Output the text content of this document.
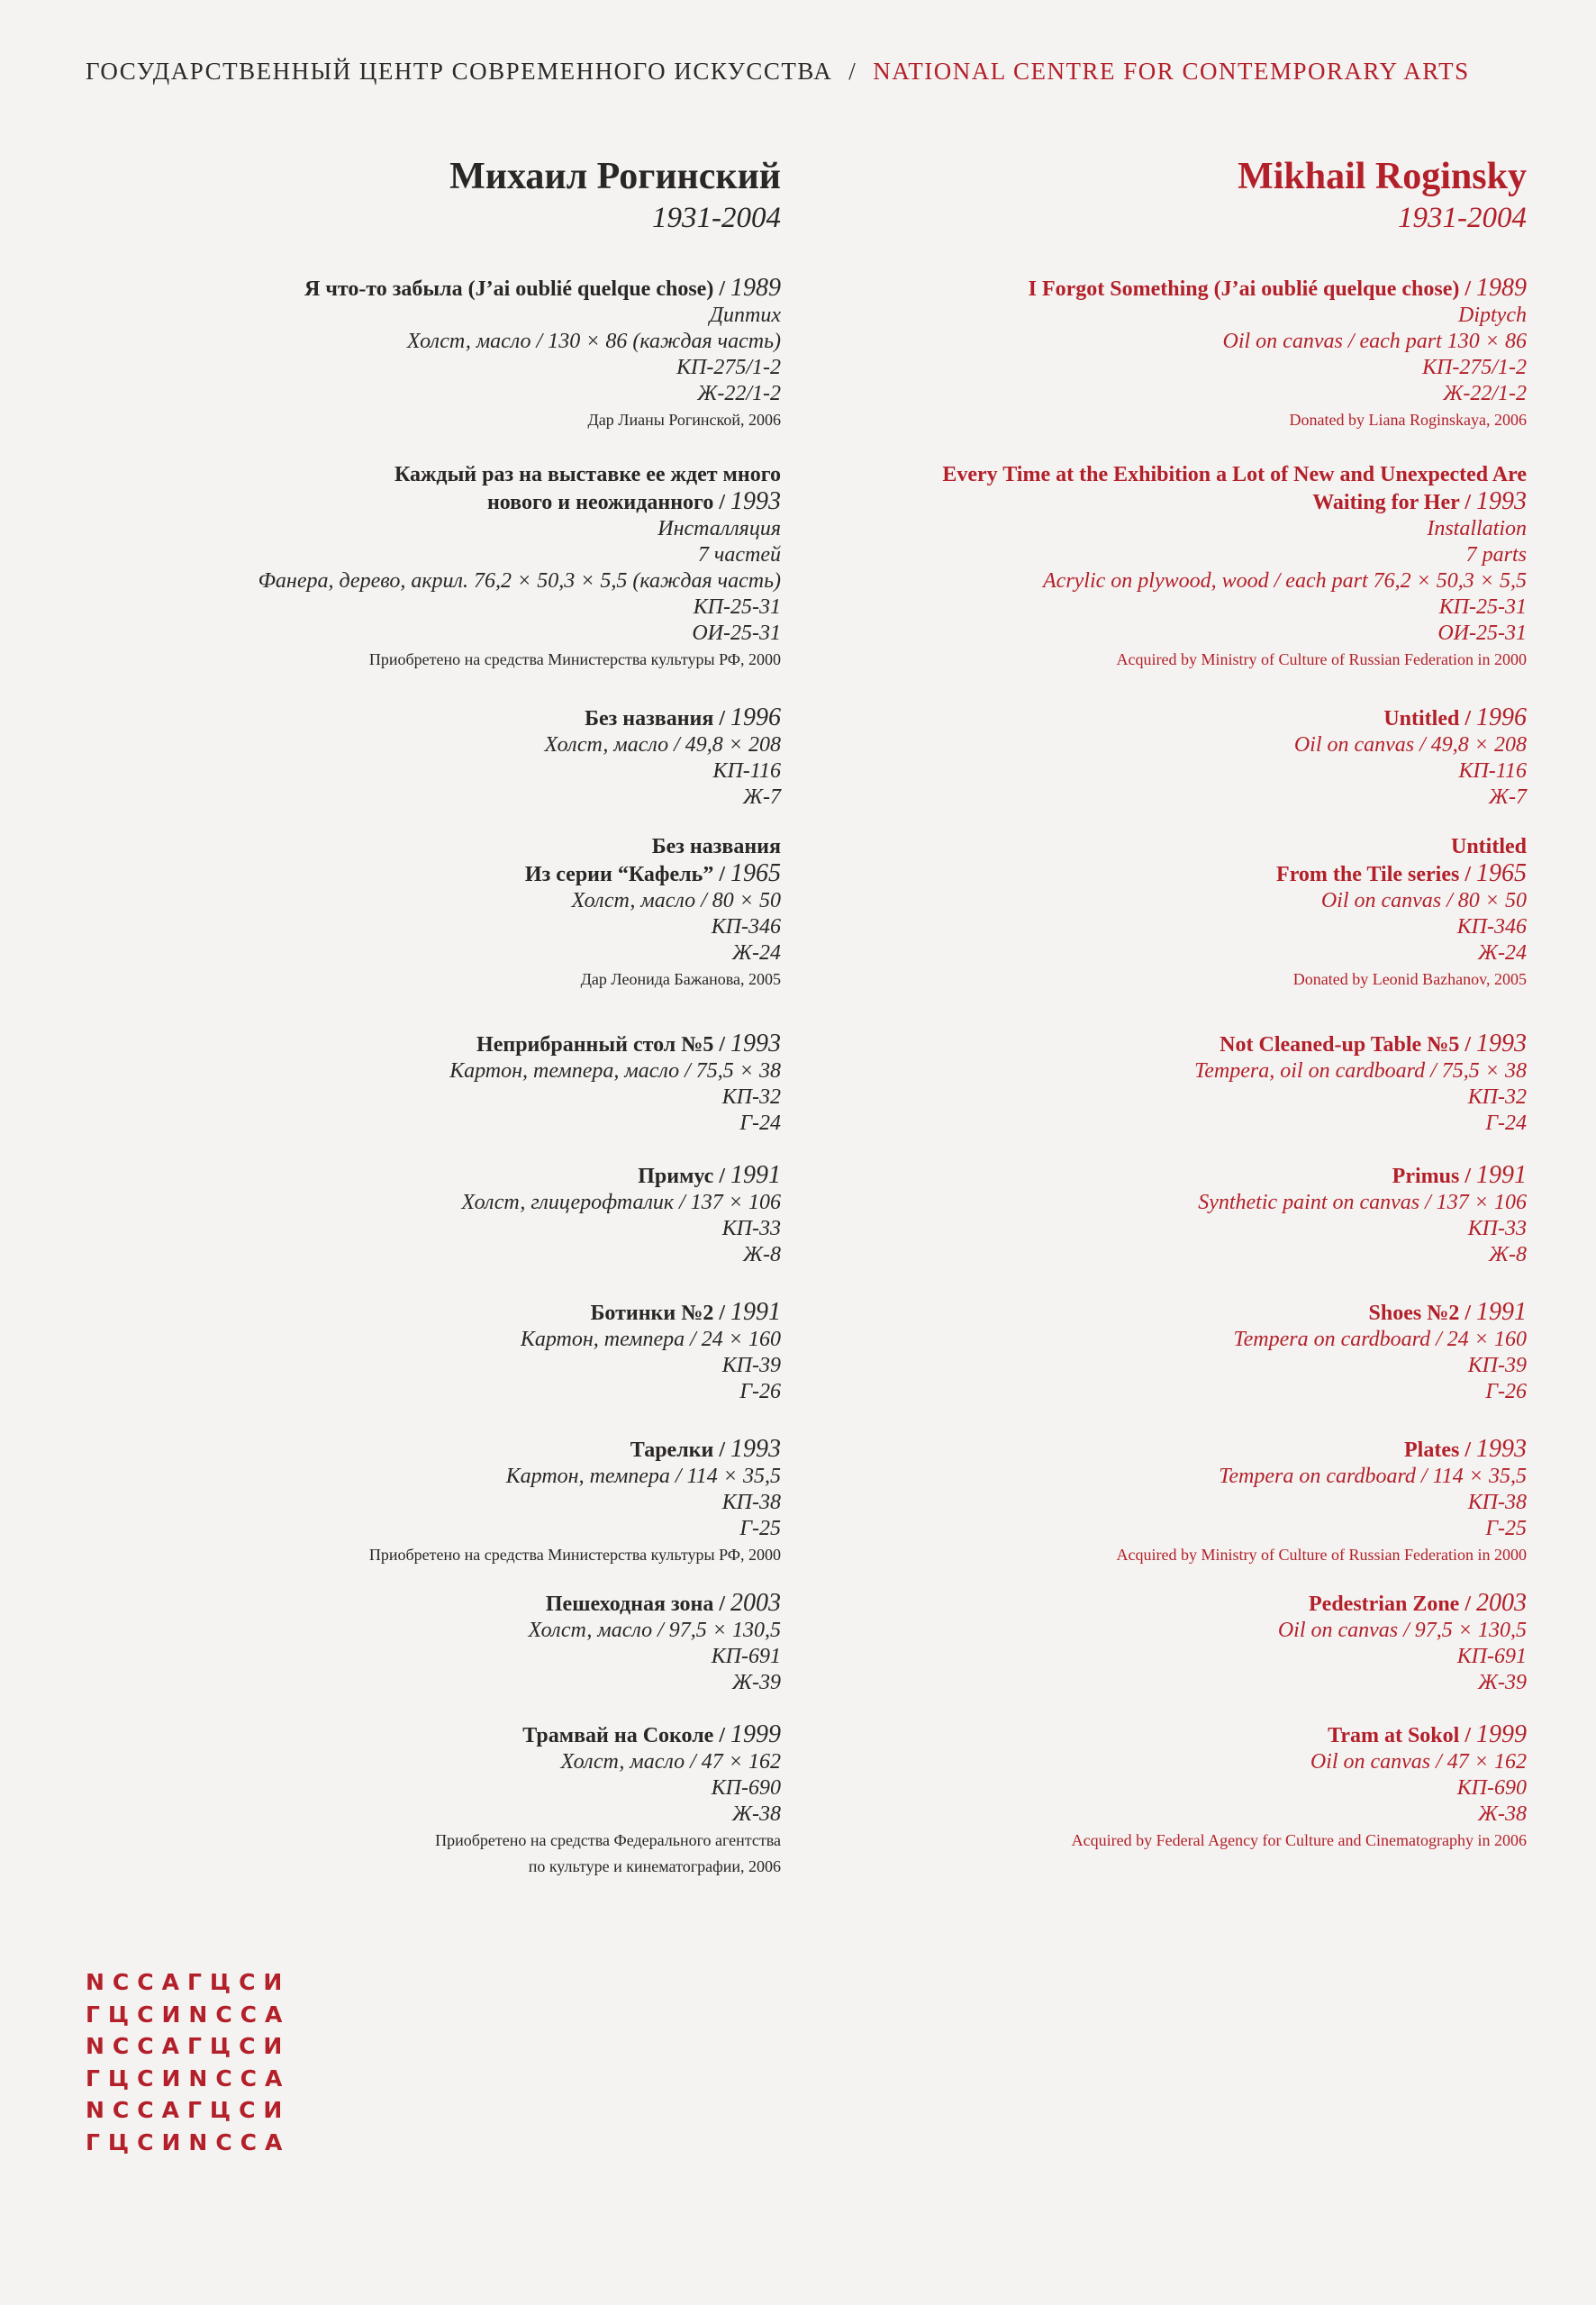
ГОСУДАРСТВЕННЫЙ ЦЕНТР СОВРЕМЕННОГО ИСКУССТВА / NATIONAL CENTRE FOR CONTEMPORARY ARTS
Михаил Рогинский
1931-2004
Я что-то забыла (J’ai oublié quelque chose) / 1989
Диптих
Холст, масло / 130 × 86 (каждая часть)
КП-275/1-2
Ж-22/1-2
Дар Лианы Рогинской, 2006
Каждый раз на выставке ее ждет много
нового и неожиданного / 1993
Инсталляция
7 частей
Фанера, дерево, акрил. 76,2 × 50,3 × 5,5 (каждая часть)
КП-25-31
ОИ-25-31
Приобретено на средства Министерства культуры РФ, 2000
Без названия / 1996
Холст, масло / 49,8 × 208
КП-116
Ж-7
Без названия
Из серии “Кафель” / 1965
Холст, масло / 80 × 50
КП-346
Ж-24
Дар Леонида Бажанова, 2005
Неприбранный стол №5 / 1993
Картон, темпера, масло / 75,5 × 38
КП-32
Г-24
Примус / 1991
Холст, глицерофталик / 137 × 106
КП-33
Ж-8
Ботинки №2 / 1991
Картон, темпера / 24 × 160
КП-39
Г-26
Тарелки / 1993
Картон, темпера / 114 × 35,5
КП-38
Г-25
Приобретено на средства Министерства культуры РФ, 2000
Пешеходная зона / 2003
Холст, масло / 97,5 × 130,5
КП-691
Ж-39
Трамвай на Соколе / 1999
Холст, масло / 47 × 162
КП-690
Ж-38
Приобретено на средства Федерального агентства
по культуре и кинематографии, 2006
Mikhail Roginsky
1931-2004
I Forgot Something (J’ai oublié quelque chose) / 1989
Diptych
Oil on canvas / each part 130 × 86
КП-275/1-2
Ж-22/1-2
Donated by Liana Roginskaya, 2006
Every Time at the Exhibition a Lot of New and Unexpected Are
Waiting for Her / 1993
Installation
7 parts
Acrylic on plywood, wood / each part 76,2 × 50,3 × 5,5
КП-25-31
ОИ-25-31
Acquired by Ministry of Culture of Russian Federation in 2000
Untitled / 1996
Oil on canvas / 49,8 × 208
КП-116
Ж-7
Untitled
From the Tile series / 1965
Oil on canvas / 80 × 50
КП-346
Ж-24
Donated by Leonid Bazhanov, 2005
Not Cleaned-up Table №5 / 1993
Tempera, oil on cardboard / 75,5 × 38
КП-32
Г-24
Primus / 1991
Synthetic paint on canvas / 137 × 106
КП-33
Ж-8
Shoes №2 / 1991
Tempera on cardboard / 24 × 160
КП-39
Г-26
Plates / 1993
Tempera on cardboard / 114 × 35,5
КП-38
Г-25
Acquired by Ministry of Culture of Russian Federation in 2000
Pedestrian Zone / 2003
Oil on canvas / 97,5 × 130,5
КП-691
Ж-39
Tram at Sokol / 1999
Oil on canvas / 47 × 162
КП-690
Ж-38
Acquired by Federal Agency for Culture and Cinematography in 2006
NCCAГЦСИ
ГЦСИNCCA
NCCAГЦСИ
ГЦСИNCCA
NCCAГЦСИ
ГЦСИNCCA
